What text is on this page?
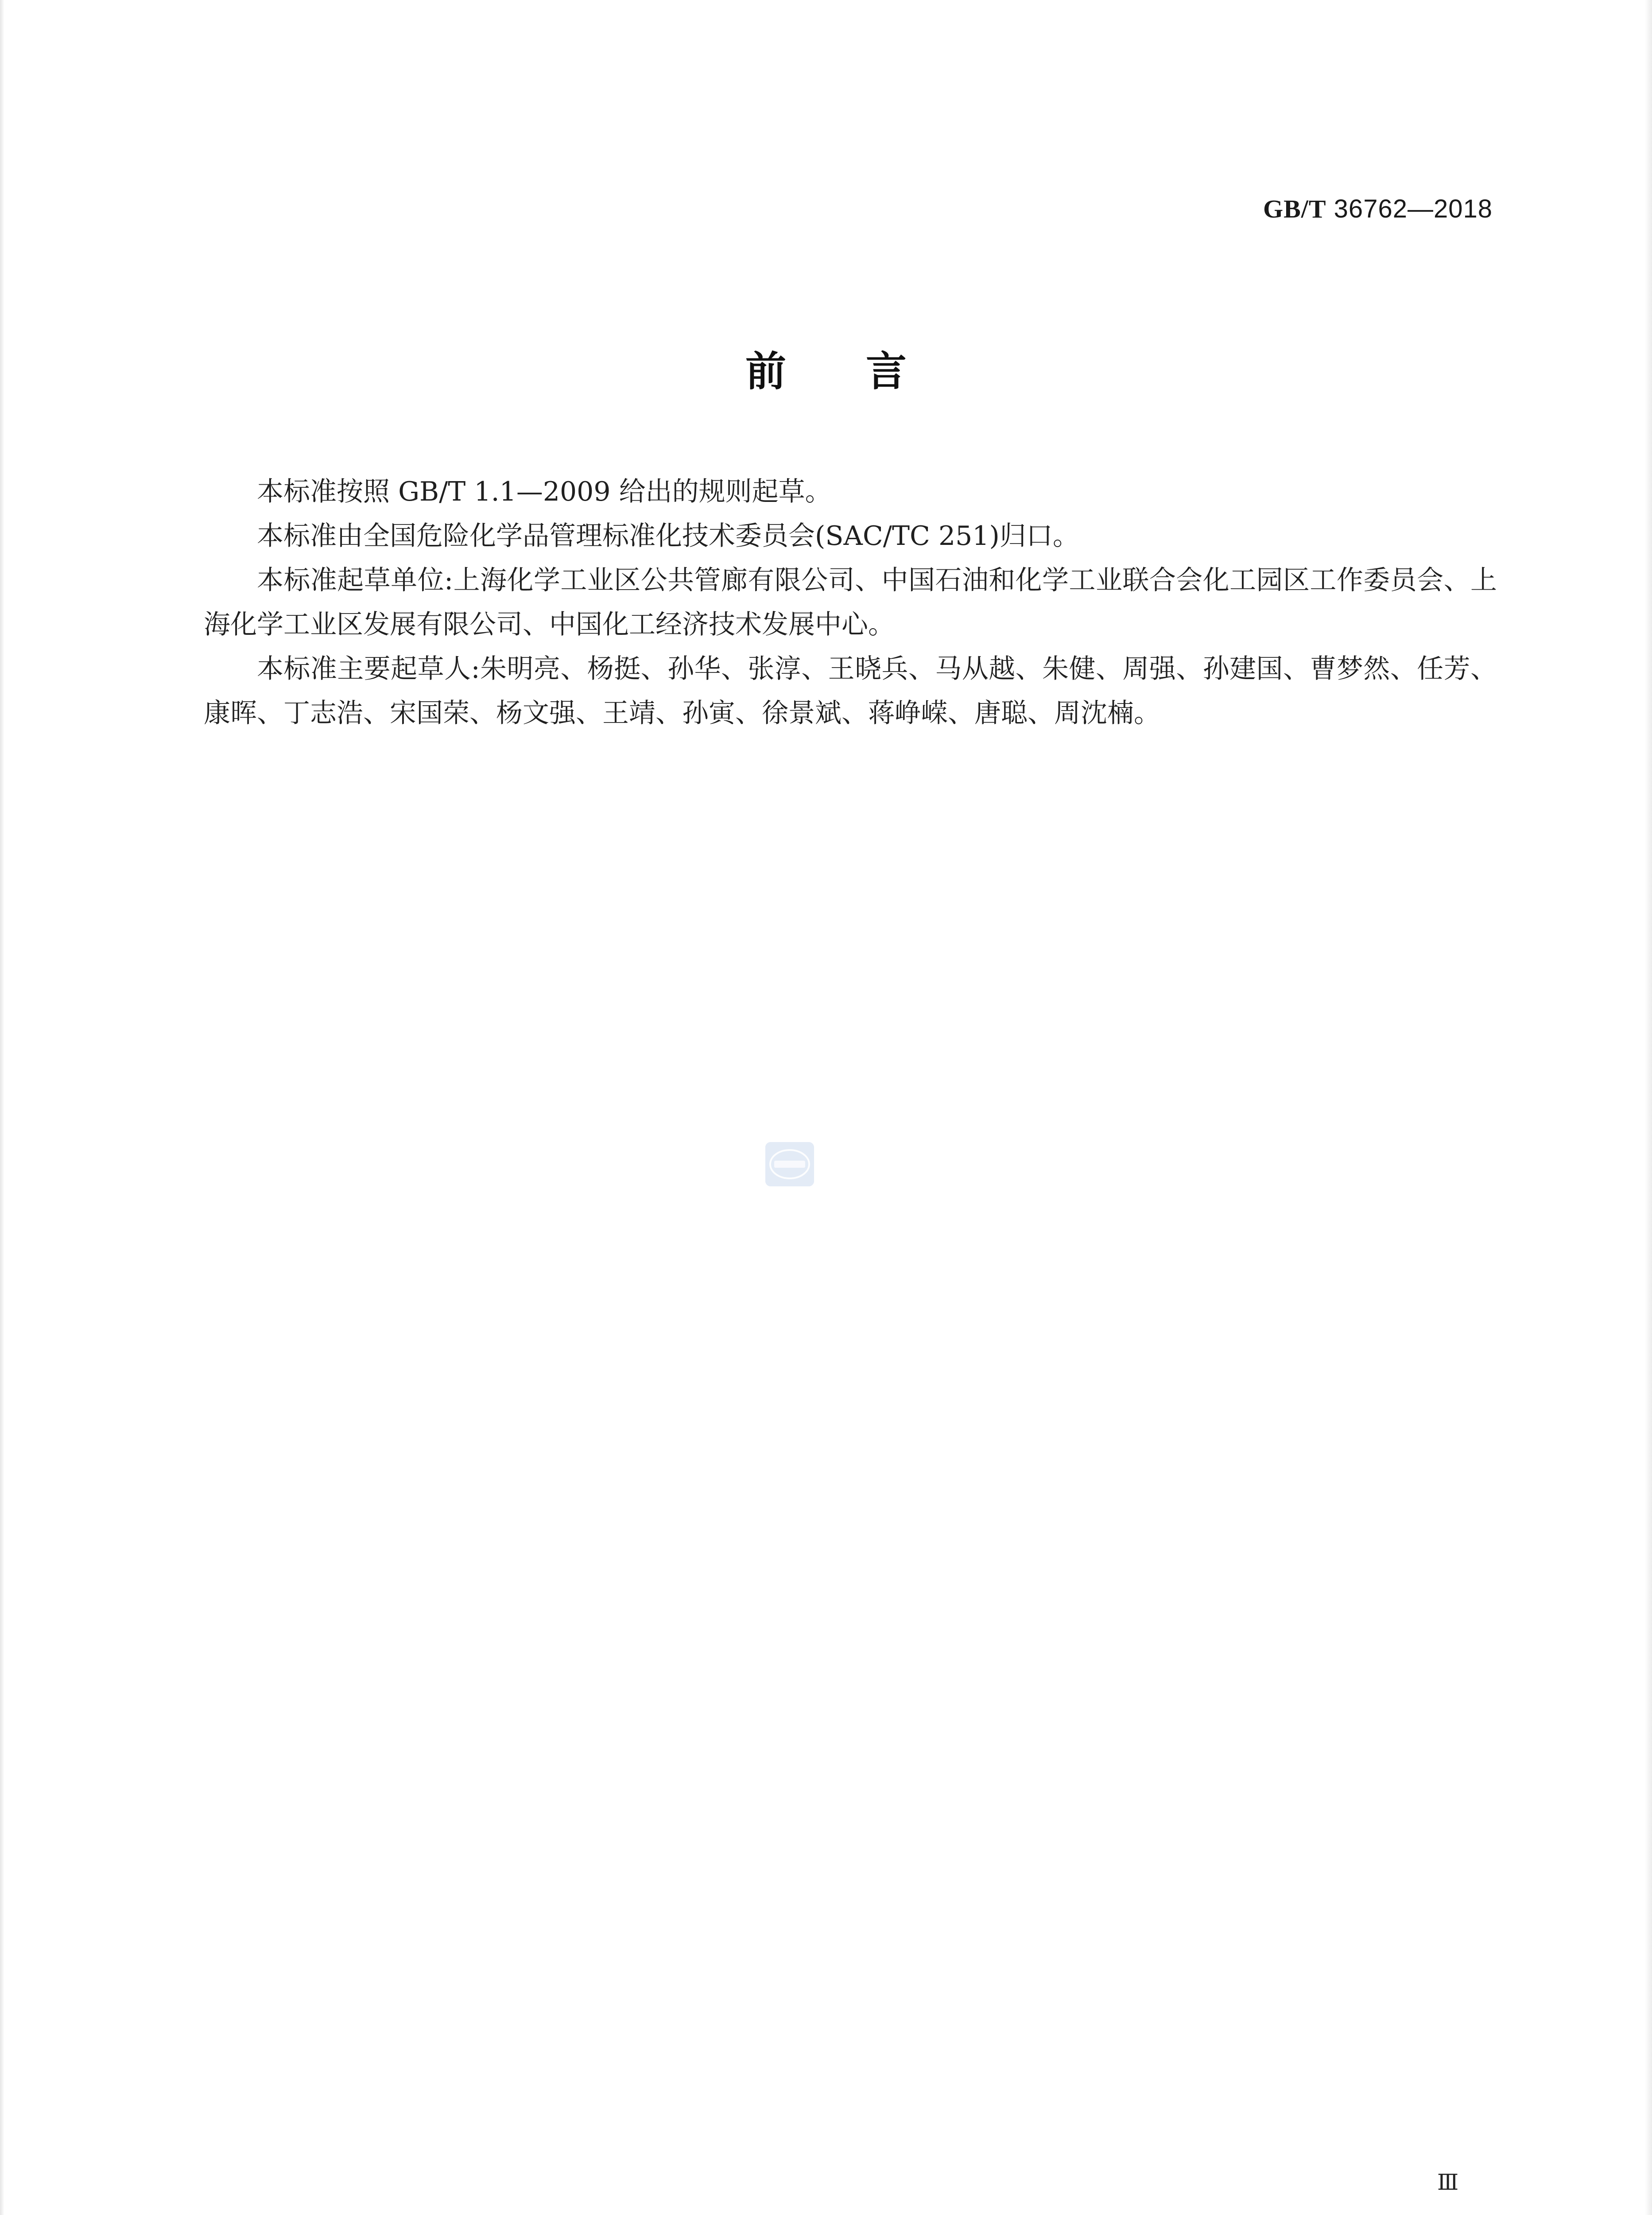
GB/T 36762—2018
前言

本标准按照 GB/T 1.1—2009 给出的规则起草。

本标准由全国危险化学品管理标准化技术委员会(SAC/TC 251)归口。

本标准起草单位:上海化学工业区公共管廊有限公司、中国石油和化学工业联合会化工园区工作委员会、上海化学工业区发展有限公司、中国化工经济技术发展中心。

本标准主要起草人:朱明亮、杨挺、孙华、张淳、王晓兵、马从越、朱健、周强、孙建国、曹梦然、任芳、康晖、丁志浩、宋国荣、杨文强、王靖、孙寅、徐景斌、蒋峥嵘、唐聪、周沈楠。

Ⅲ
